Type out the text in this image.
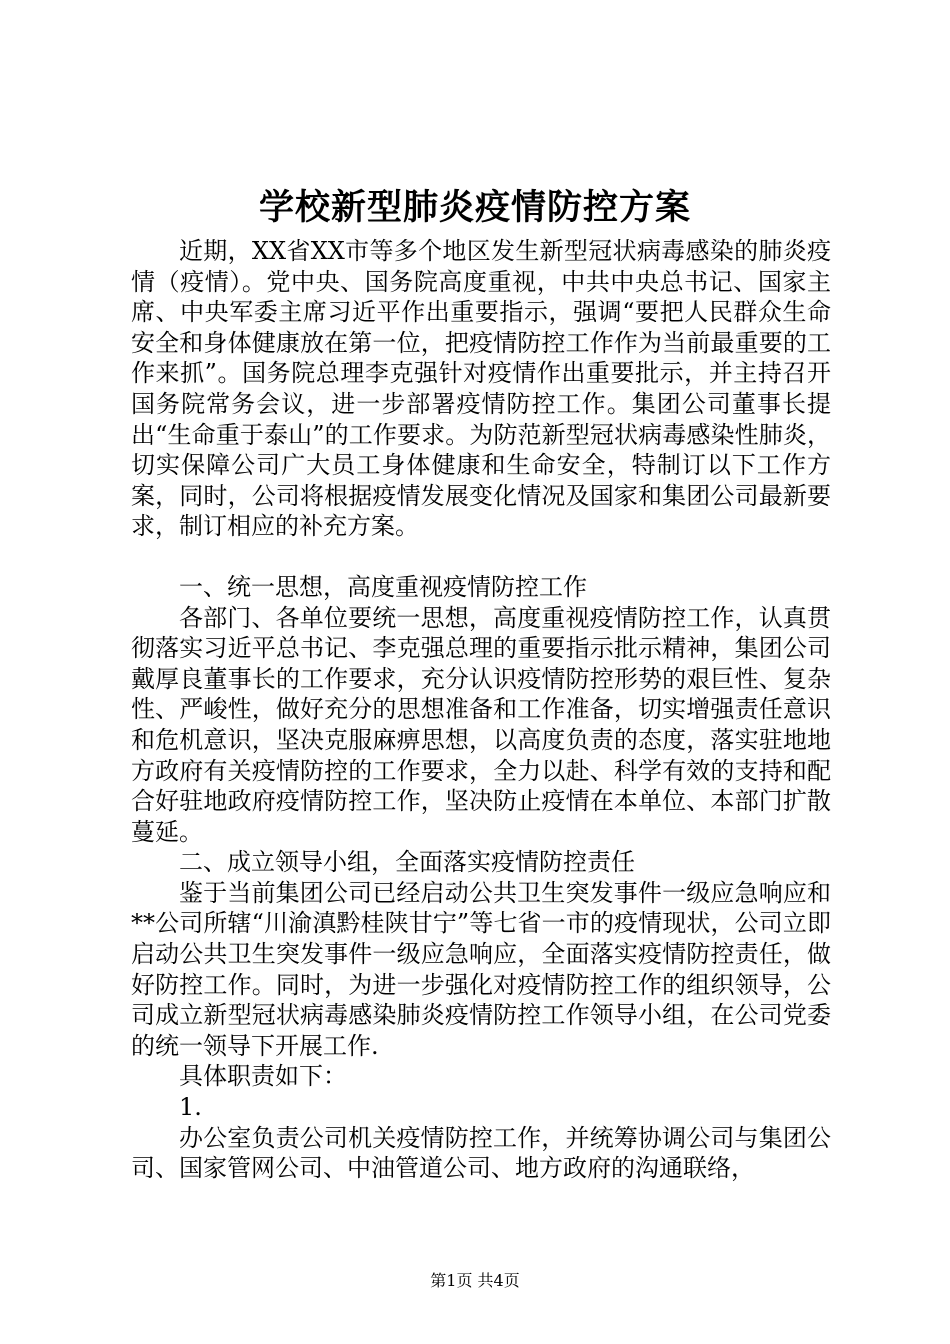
学校新型肺炎疫情防控方案

近期，XX省XX市等多个地区发生新型冠状病毒感染的肺炎疫情（疫情）。党中央、国务院高度重视，中共中央总书记、国家主席、中央军委主席习近平作出重要指示，强调“要把人民群众生命安全和身体健康放在第一位，把疫情防控工作作为当前最重要的工作来抓”。国务院总理李克强针对疫情作出重要批示，并主持召开国务院常务会议，进一步部署疫情防控工作。集团公司董事长提出“生命重于泰山”的工作要求。为防范新型冠状病毒感染性肺炎，切实保障公司广大员工身体健康和生命安全，特制订以下工作方案，同时，公司将根据疫情发展变化情况及国家和集团公司最新要求，制订相应的补充方案。

一、统一思想，高度重视疫情防控工作

各部门、各单位要统一思想，高度重视疫情防控工作，认真贯彻落实习近平总书记、李克强总理的重要指示批示精神，集团公司戴厚良董事长的工作要求，充分认识疫情防控形势的艰巨性、复杂性、严峻性，做好充分的思想准备和工作准备，切实增强责任意识和危机意识，坚决克服麻痹思想，以高度负责的态度，落实驻地地方政府有关疫情防控的工作要求，全力以赴、科学有效的支持和配合好驻地政府疫情防控工作，坚决防止疫情在本单位、本部门扩散蔓延。

二、成立领导小组，全面落实疫情防控责任

鉴于当前集团公司已经启动公共卫生突发事件一级应急响应和**公司所辖“川渝滇黔桂陕甘宁”等七省一市的疫情现状，公司立即启动公共卫生突发事件一级应急响应，全面落实疫情防控责任，做好防控工作。同时，为进一步强化对疫情防控工作的组织领导，公司成立新型冠状病毒感染肺炎疫情防控工作领导小组，在公司党委的统一领导下开展工作.

具体职责如下：

1.

办公室负责公司机关疫情防控工作，并统筹协调公司与集团公司、国家管网公司、中油管道公司、地方政府的沟通联络，

第1页 共4页
